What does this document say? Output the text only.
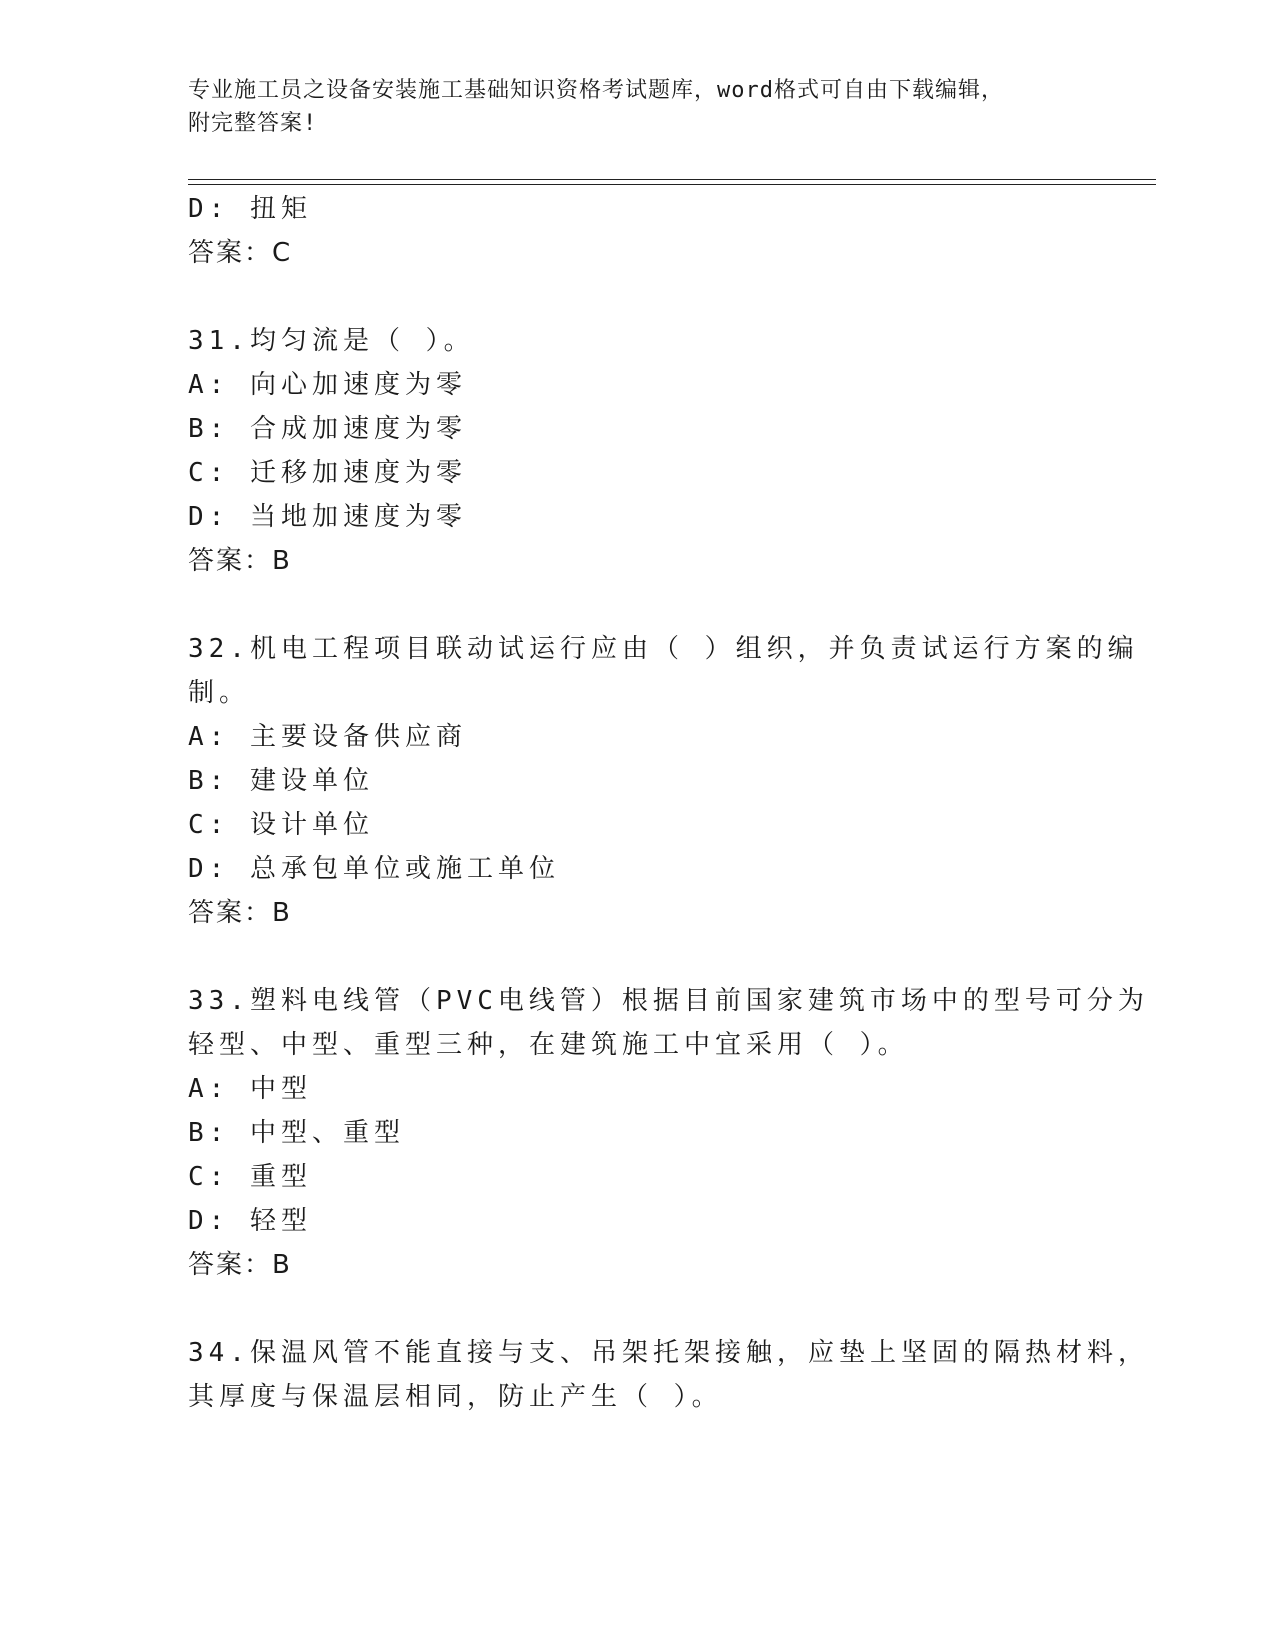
专业施工员之设备安装施工基础知识资格考试题库，word格式可自由下载编辑，
附完整答案!
D: 扭矩
答案：C
31.均匀流是（ ）。
A: 向心加速度为零
B: 合成加速度为零
C: 迁移加速度为零
D: 当地加速度为零
答案：B
32.机电工程项目联动试运行应由（ ）组织，并负责试运行方案的编
制。
A: 主要设备供应商
B: 建设单位
C: 设计单位
D: 总承包单位或施工单位
答案：B
33.塑料电线管（PVC电线管）根据目前国家建筑市场中的型号可分为
轻型、中型、重型三种，在建筑施工中宜采用（ ）。
A: 中型
B: 中型、重型
C: 重型
D: 轻型
答案：B
34.保温风管不能直接与支、吊架托架接触，应垫上坚固的隔热材料，
其厚度与保温层相同，防止产生（ ）。
